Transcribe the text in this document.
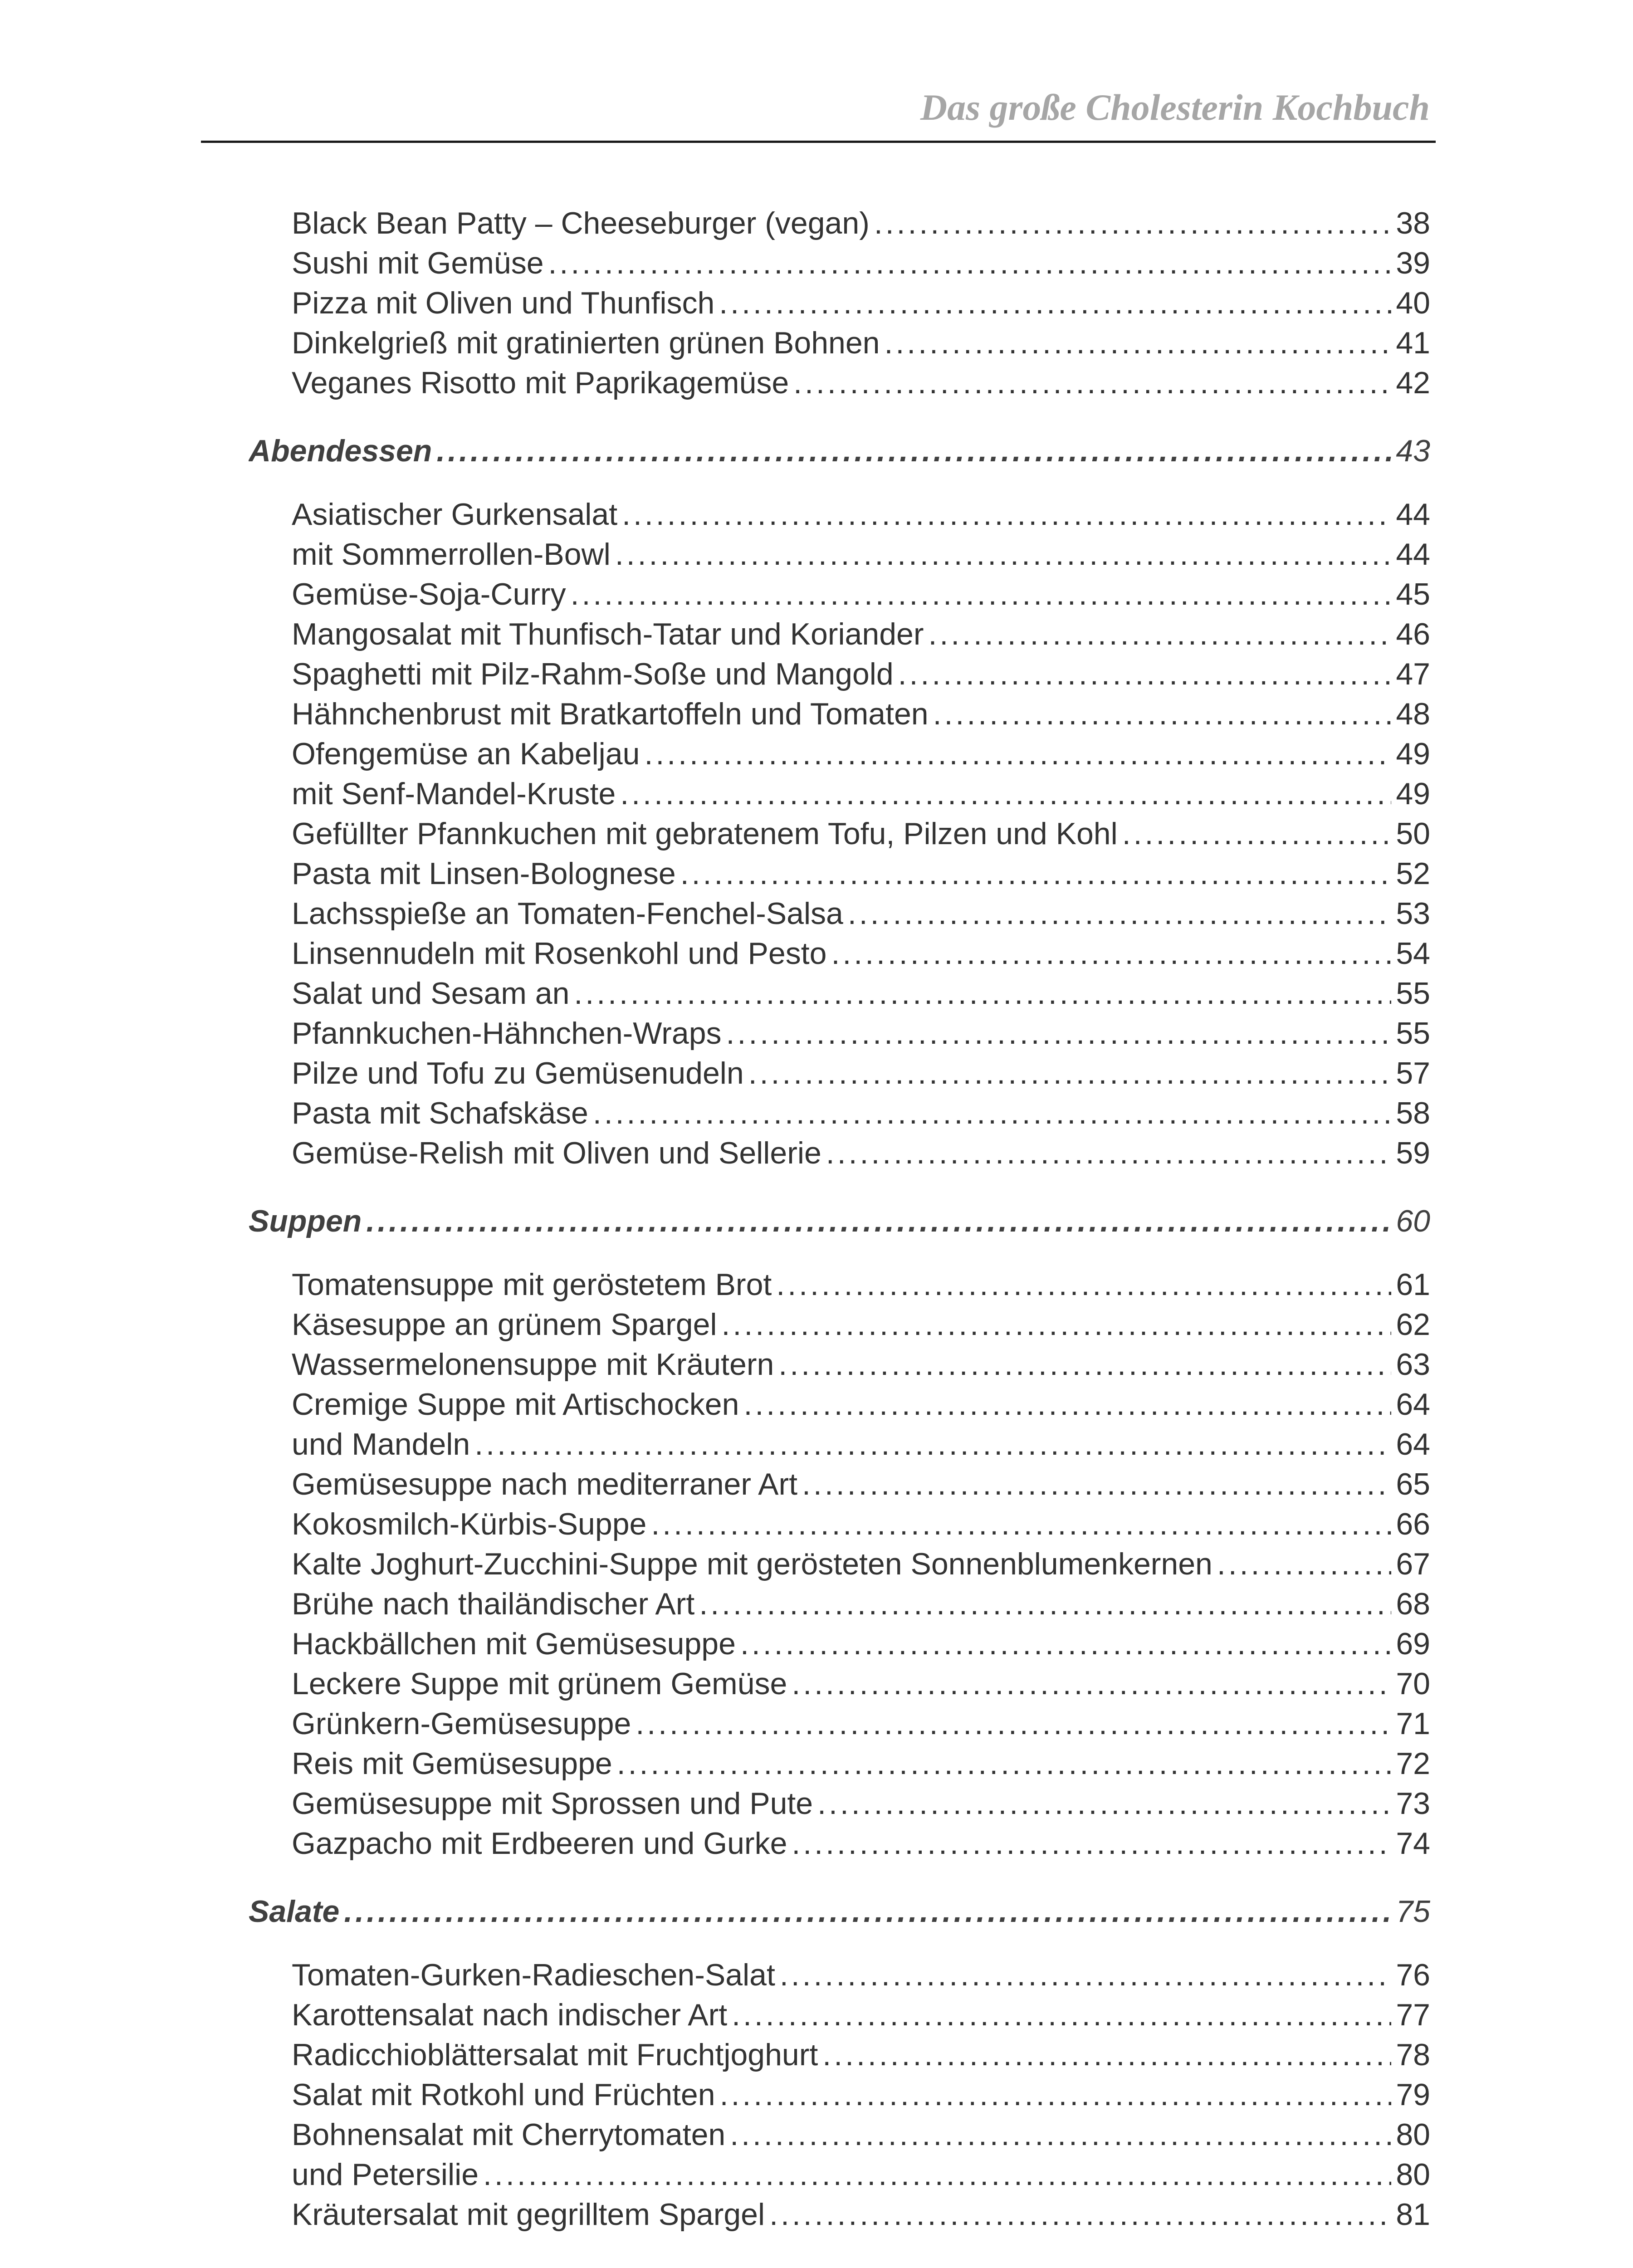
Das große Cholesterin Kochbuch
Black Bean Patty – Cheeseburger (vegan) .....	38
Sushi mit Gemüse .....	39
Pizza mit Oliven und Thunfisch .....	40
Dinkelgrieß mit gratinierten grünen Bohnen .....	41
Veganes Risotto mit Paprikagemüse .....	42
Abendessen .....	43
Asiatischer Gurkensalat .....	44
mit Sommerrollen-Bowl .....	44
Gemüse-Soja-Curry .....	45
Mangosalat mit Thunfisch-Tatar und Koriander .....	46
Spaghetti mit Pilz-Rahm-Soße und Mangold .....	47
Hähnchenbrust mit Bratkartoffeln und Tomaten .....	48
Ofengemüse an Kabeljau .....	49
mit Senf-Mandel-Kruste .....	49
Gefüllter Pfannkuchen mit gebratenem Tofu, Pilzen und Kohl .....	50
Pasta mit Linsen-Bolognese .....	52
Lachsspieße an Tomaten-Fenchel-Salsa .....	53
Linsennudeln mit Rosenkohl und Pesto .....	54
Salat und Sesam an .....	55
Pfannkuchen-Hähnchen-Wraps .....	55
Pilze und Tofu zu Gemüsenudeln .....	57
Pasta mit Schafskäse .....	58
Gemüse-Relish mit Oliven und Sellerie .....	59
Suppen .....	60
Tomatensuppe mit geröstetem Brot .....	61
Käsesuppe an grünem Spargel .....	62
Wassermelonensuppe mit Kräutern .....	63
Cremige Suppe mit Artischocken .....	64
und Mandeln .....	64
Gemüsesuppe nach mediterraner Art .....	65
Kokosmilch-Kürbis-Suppe .....	66
Kalte Joghurt-Zucchini-Suppe mit gerösteten Sonnenblumenkernen .....	67
Brühe nach thailändischer Art .....	68
Hackbällchen mit Gemüsesuppe .....	69
Leckere Suppe mit grünem Gemüse .....	70
Grünkern-Gemüsesuppe .....	71
Reis mit Gemüsesuppe .....	72
Gemüsesuppe mit Sprossen und Pute .....	73
Gazpacho mit Erdbeeren und Gurke .....	74
Salate .....	75
Tomaten-Gurken-Radieschen-Salat .....	76
Karottensalat nach indischer Art .....	77
Radicchioblättersalat mit Fruchtjoghurt .....	78
Salat mit Rotkohl und Früchten .....	79
Bohnensalat mit Cherrytomaten .....	80
und Petersilie .....	80
Kräutersalat mit gegrilltem Spargel .....	81
